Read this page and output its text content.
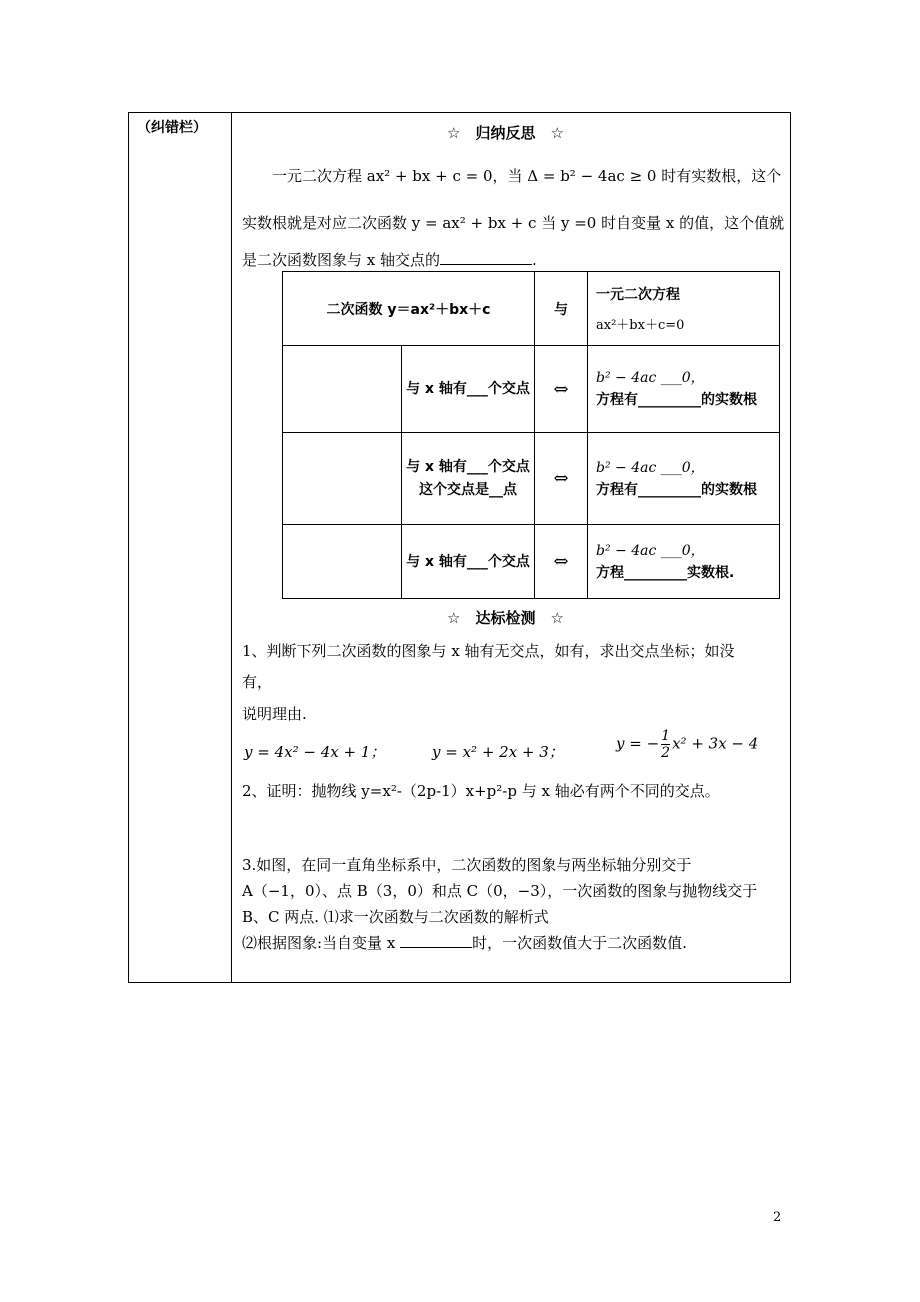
（纠错栏）	☆　归纳反思　☆
一元二次方程 ax² + bx + c = 0，当 Δ = b² − 4ac ≥ 0 时有实数根，这个
实数根就是对应二次函数 y = ax² + bx + c 当 y =0 时自变量 x 的值，这个值就
是二次函数图象与 x 轴交点的	.
二次函数 y＝ax²＋bx＋c		与	一元二次方程
ax²＋bx＋c=0

	与 x 轴有___个交点	⇔	b² − 4ac ___0，
方程有_________的实数根

	与 x 轴有___个交点 这个交点是__点	⇔	b² − 4ac ___0，
方程有_________的实数根

	与 x 轴有___个交点	⇔	b² − 4ac ___0，
方程_________实数根.
☆　达标检测　☆
1、判断下列二次函数的图象与 x 轴有无交点，如有，求出交点坐标；如没
有，
说明理由.
y = 4x² − 4x + 1；	y = x² + 2x + 3；	y = − $\frac{1}{2} x^2 + 3x - 4$
2、证明：抛物线 y=x²-（2p-1）x+p²-p 与 x 轴必有两个不同的交点。
3.如图，在同一直角坐标系中，二次函数的图象与两坐标轴分别交于
A（−1，0）、点 B（3，0）和点 C（0，−3），一次函数的图象与抛物线交于
B、C 两点. ⑴求一次函数与二次函数的解析式
⑵根据图象:当自变量 x	时，一次函数值大于二次函数值.
2
